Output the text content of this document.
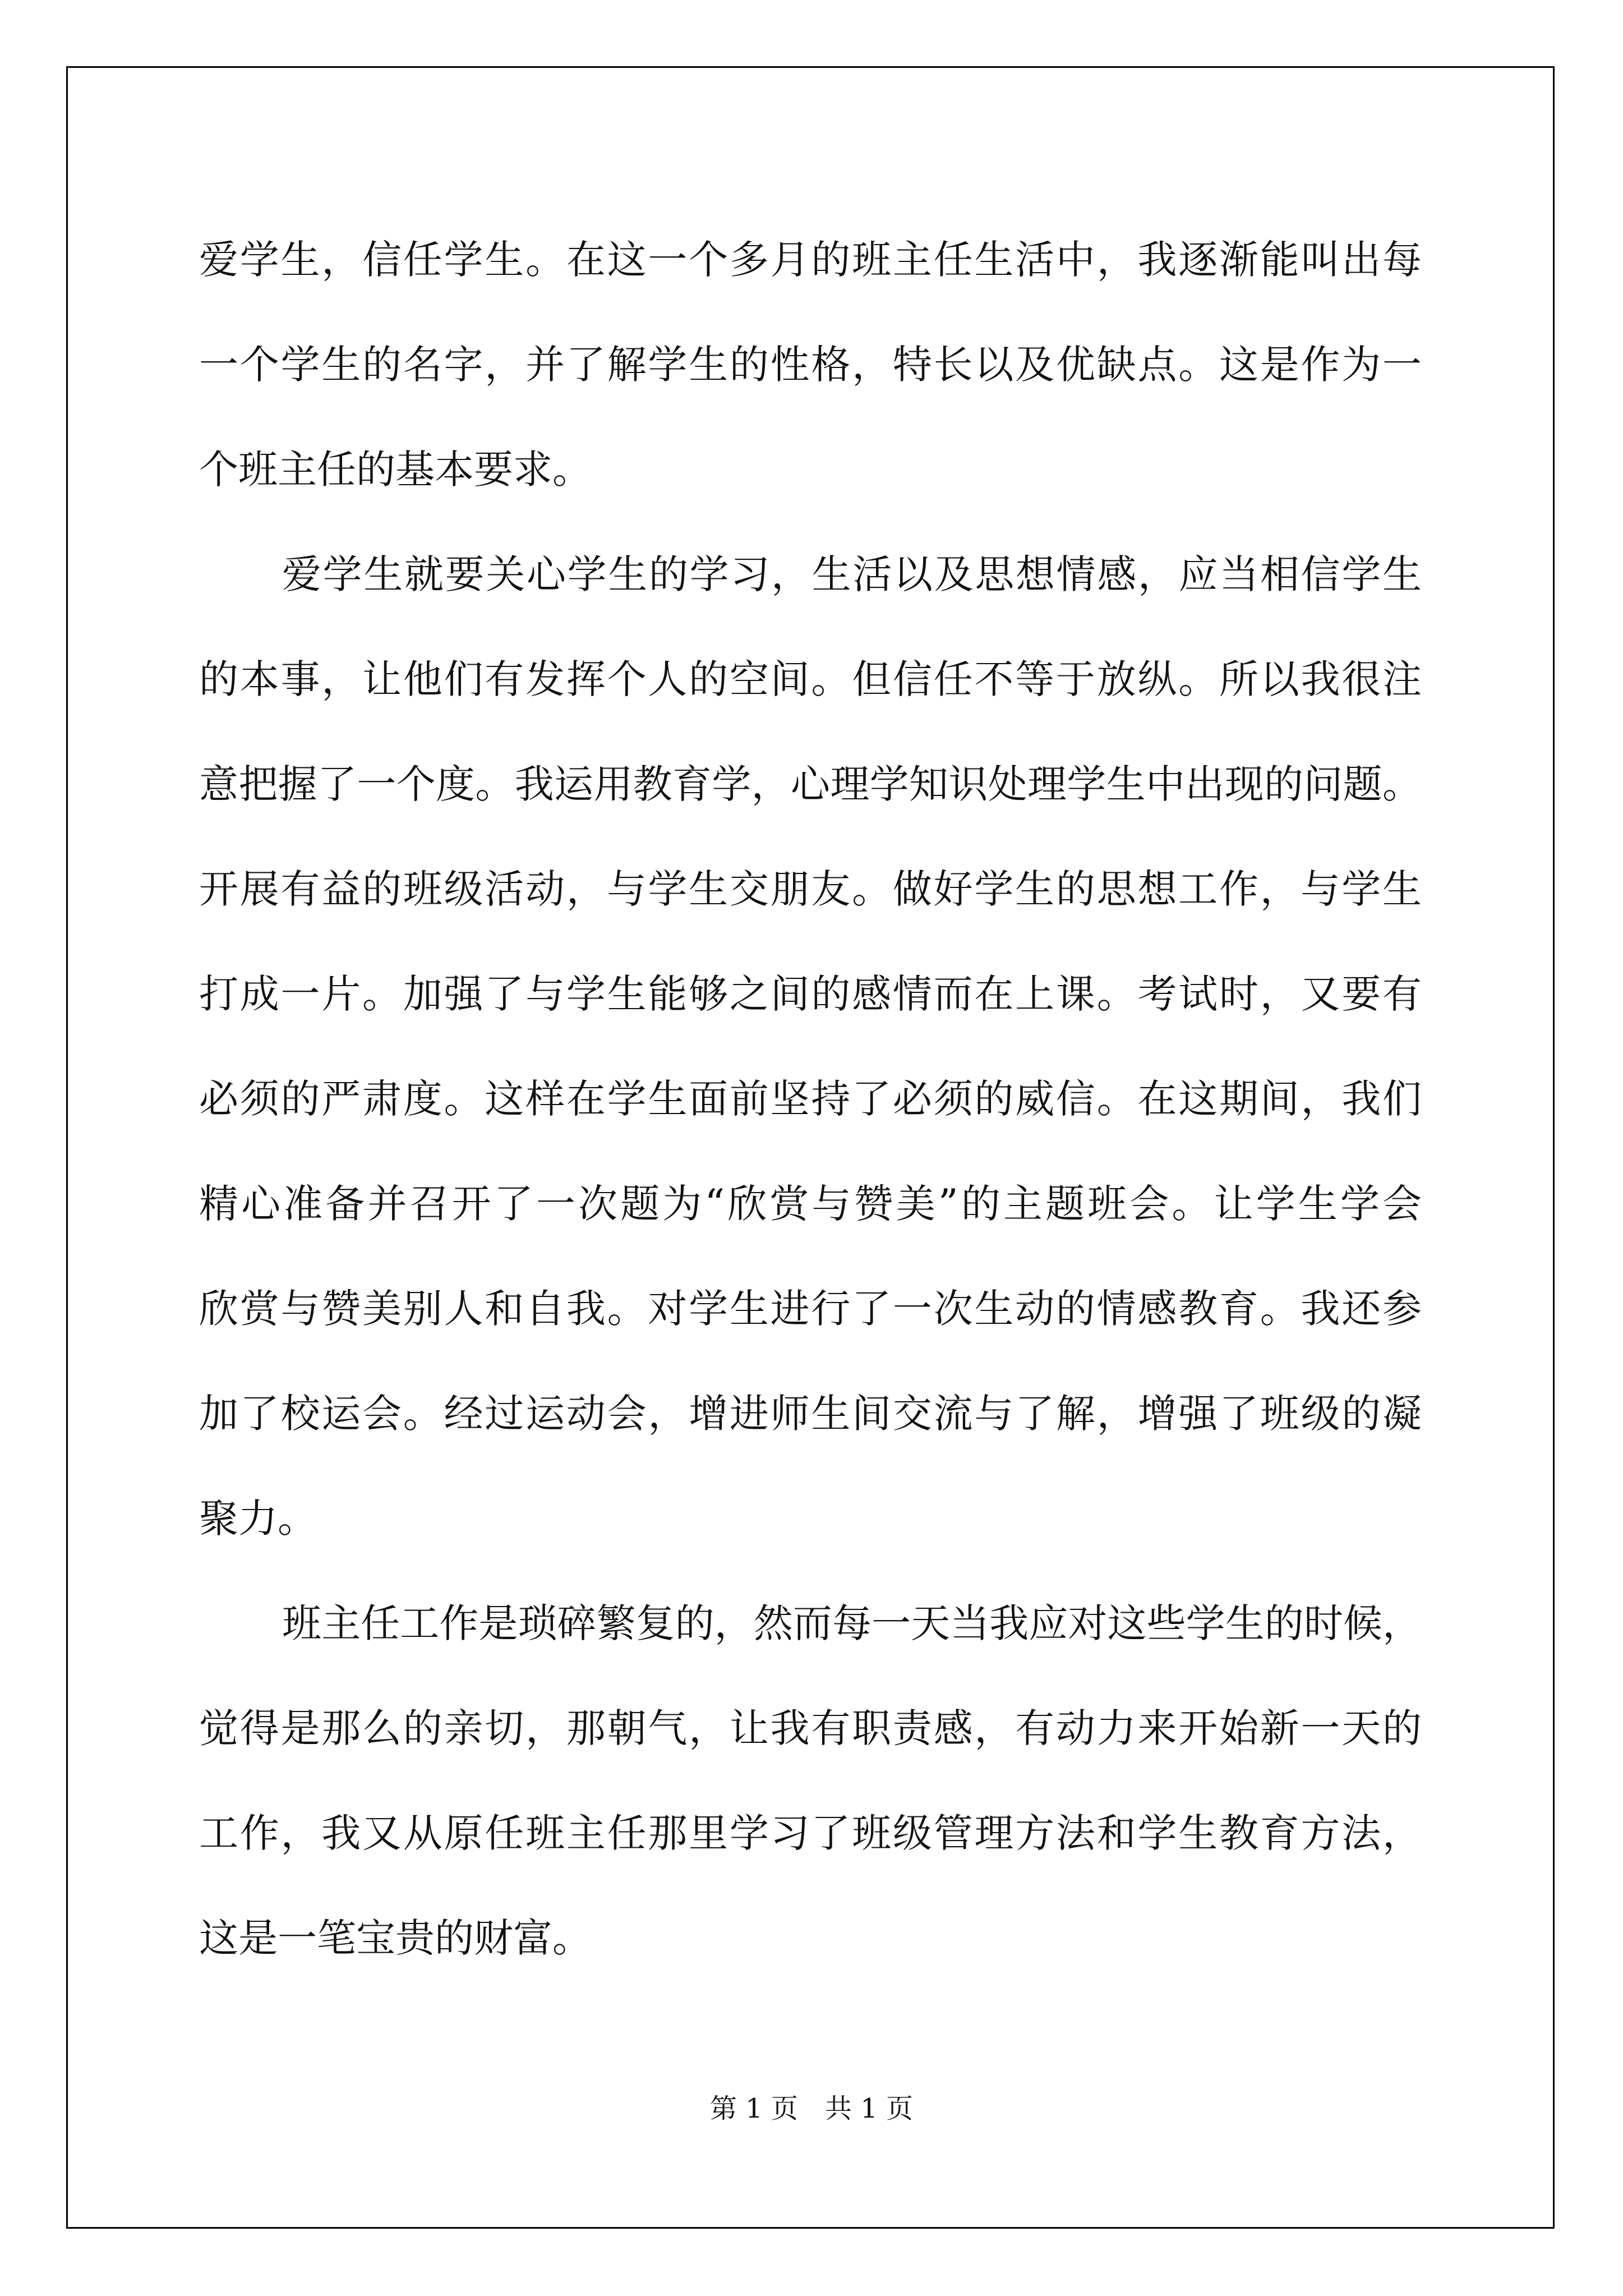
爱学生，信任学生。在这一个多月的班主任生活中，我逐渐能叫出每
一个学生的名字，并了解学生的性格，特长以及优缺点。这是作为一
个班主任的基本要求。
爱学生就要关心学生的学习，生活以及思想情感，应当相信学生
的本事，让他们有发挥个人的空间。但信任不等于放纵。所以我很注
意把握了一个度。我运用教育学，心理学知识处理学生中出现的问题。
开展有益的班级活动，与学生交朋友。做好学生的思想工作，与学生
打成一片。加强了与学生能够之间的感情而在上课。考试时，又要有
必须的严肃度。这样在学生面前坚持了必须的威信。在这期间，我们
精心准备并召开了一次题为“欣赏与赞美”的主题班会。让学生学会
欣赏与赞美别人和自我。对学生进行了一次生动的情感教育。我还参
加了校运会。经过运动会，增进师生间交流与了解，增强了班级的凝
聚力。
班主任工作是琐碎繁复的，然而每一天当我应对这些学生的时候，
觉得是那么的亲切，那朝气，让我有职责感，有动力来开始新一天的
工作，我又从原任班主任那里学习了班级管理方法和学生教育方法，
这是一笔宝贵的财富。
第 1 页　共 1 页
